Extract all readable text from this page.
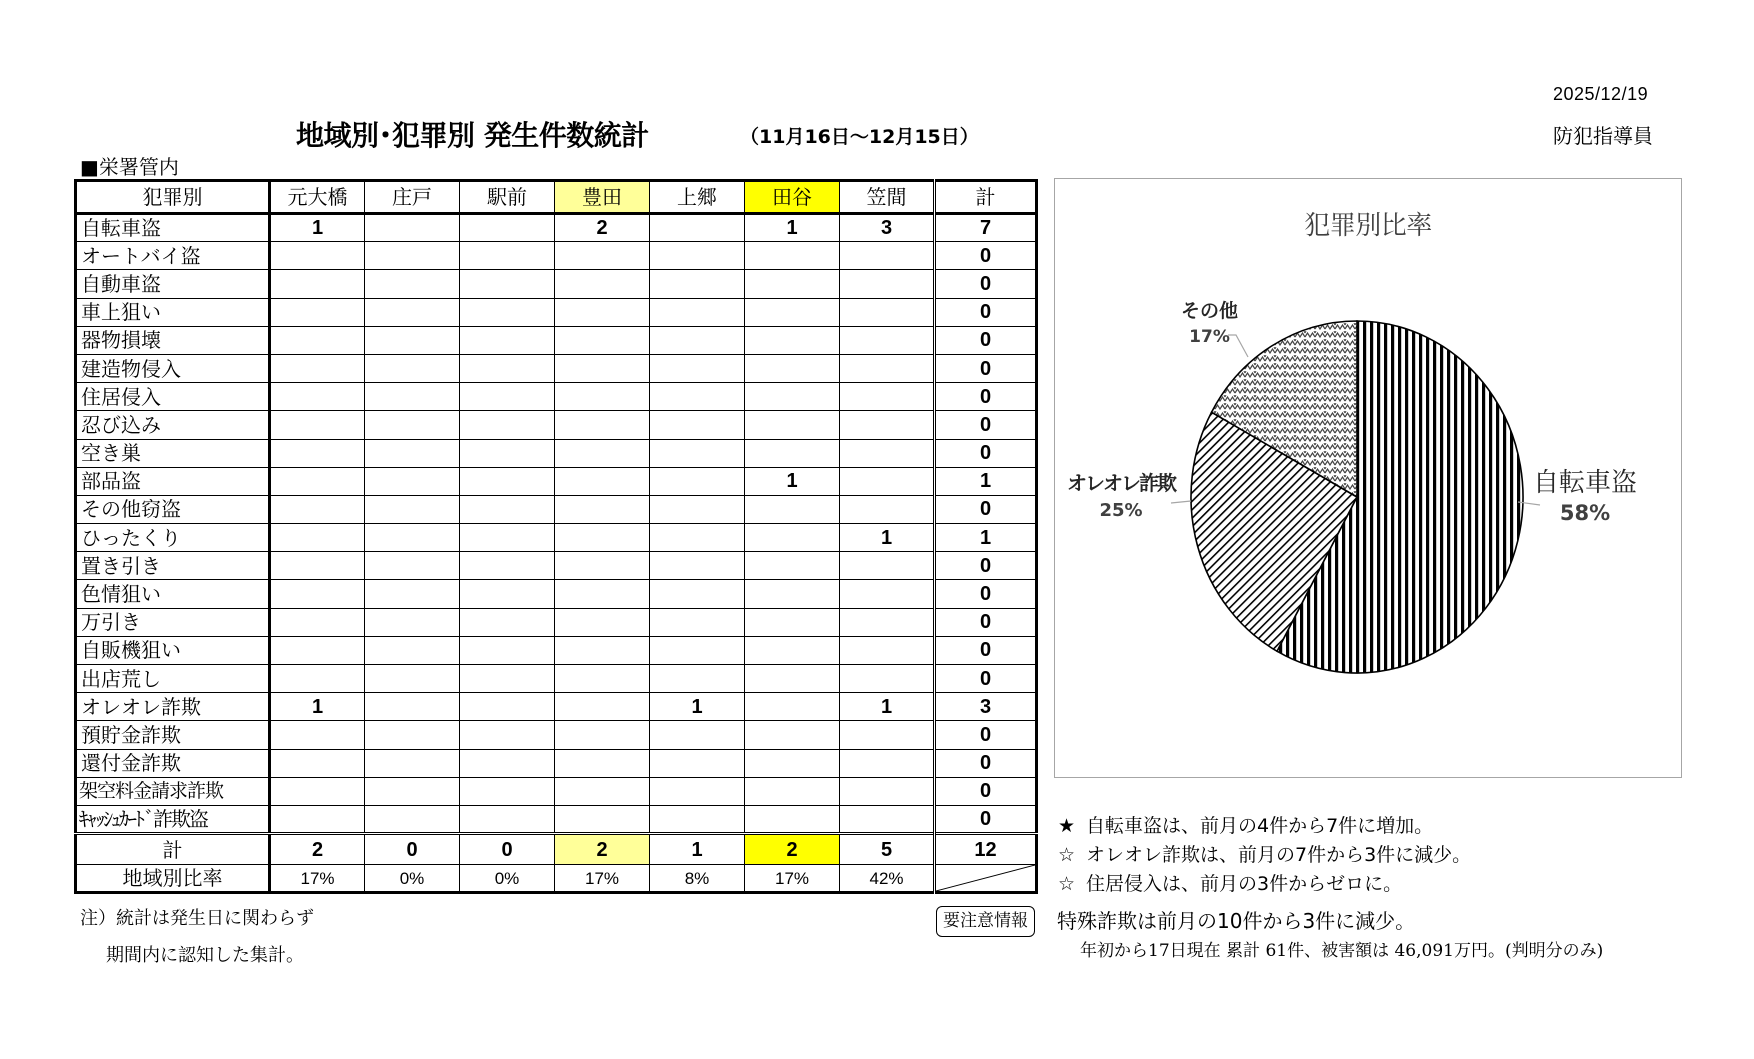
2025/12/19
防犯指導員
地域別･犯罪別 発生件数統計	（11月16日～12月15日）
■栄署管内
犯罪別	元大橋	庄戸	駅前	豊田	上郷	田谷	笠間	計
自転車盗	1			2		1	3	7
オートバイ盗								0
自動車盗								0
車上狙い								0
器物損壊								0
建造物侵入								0
住居侵入								0
忍び込み								0
空き巣								0
部品盗						1		1
その他窃盗								0
ひったくり							1	1
置き引き								0
色情狙い								0
万引き								0
自販機狙い								0
出店荒し								0
オレオレ詐欺	1				1		1	3
預貯金詐欺								0
還付金詐欺								0
架空料金請求詐欺								0
ｷｬｯｼｭｶｰﾄﾞ詐欺盗								0
計	2	0	0	2	1	2	5	12
地域別比率	17%	0%	0%	17%	8%	17%	42%	
注）統計は発生日に関わらず
期間内に認知した集計。
要注意情報
犯罪別比率
自転車盗
58%
オレオレ詐欺
25%
その他
17%
★ 自転車盗は、前月の4件から7件に増加。
☆ オレオレ詐欺は、前月の7件から3件に減少。
☆ 住居侵入は、前月の3件からゼロに。
特殊詐欺は前月の10件から3件に減少。
年初から17日現在 累計 61件、被害額は 46,091万円。(判明分のみ)
